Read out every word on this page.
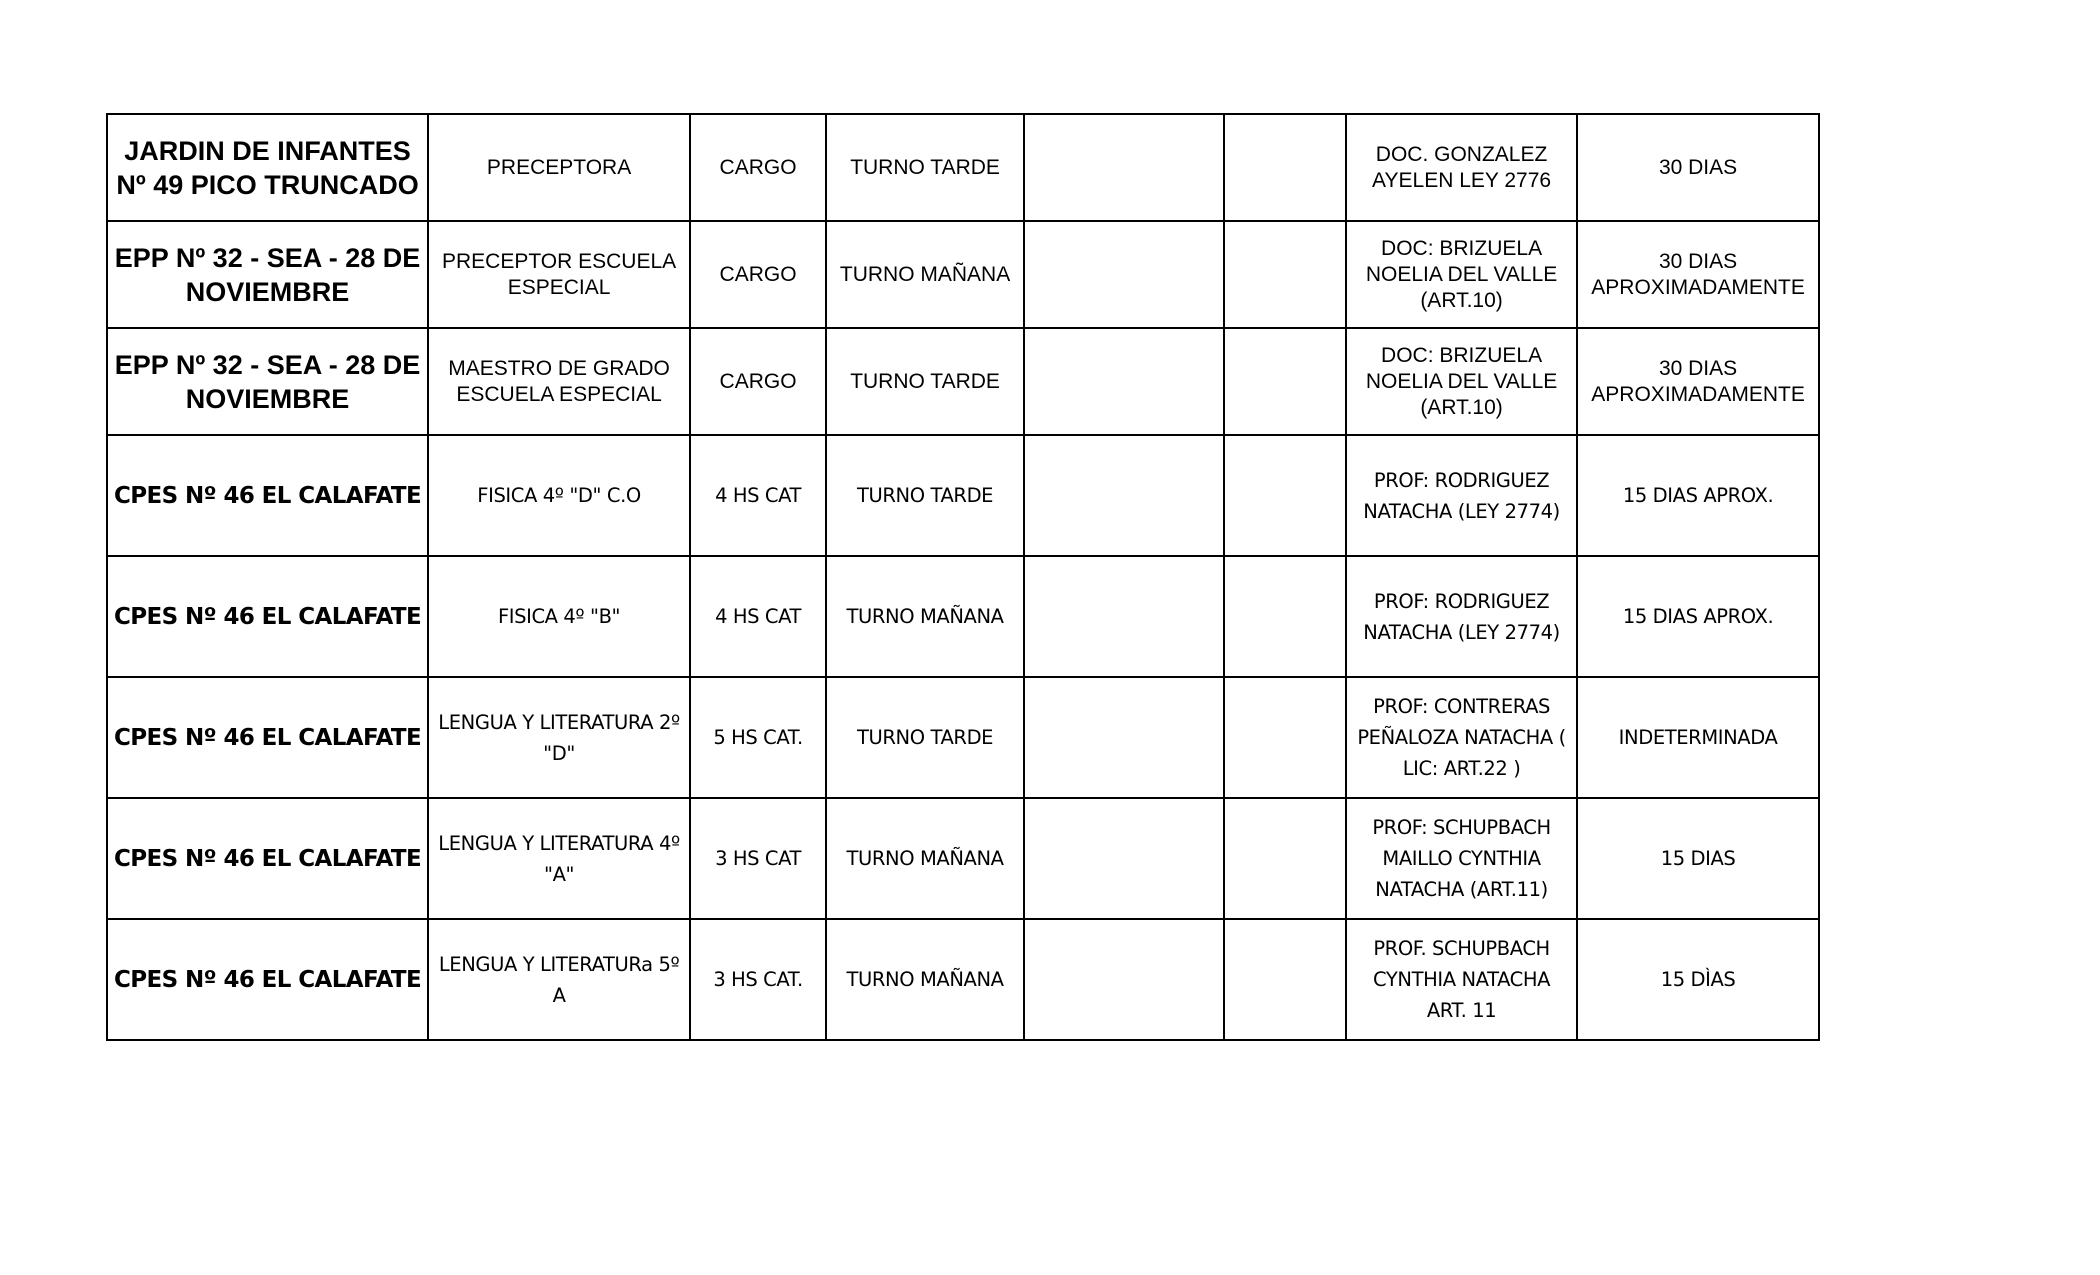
JARDIN DE INFANTES Nº 49 PICO TRUNCADO	PRECEPTORA	CARGO	TURNO TARDE			DOC. GONZALEZ AYELEN LEY 2776	30 DIAS
EPP Nº 32 - SEA - 28 DE NOVIEMBRE	PRECEPTOR ESCUELA ESPECIAL	CARGO	TURNO MAÑANA			DOC: BRIZUELA NOELIA DEL VALLE (ART.10)	30 DIAS APROXIMADAMENTE
EPP Nº 32 - SEA - 28 DE NOVIEMBRE	MAESTRO DE GRADO ESCUELA ESPECIAL	CARGO	TURNO TARDE			DOC: BRIZUELA NOELIA DEL VALLE (ART.10)	30 DIAS APROXIMADAMENTE
CPES Nº 46 EL CALAFATE	FISICA 4º "D" C.O	4 HS CAT	TURNO TARDE			PROF: RODRIGUEZ NATACHA (LEY 2774)	15 DIAS APROX.
CPES Nº 46 EL CALAFATE	FISICA 4º "B"	4 HS CAT	TURNO MAÑANA			PROF: RODRIGUEZ NATACHA (LEY 2774)	15 DIAS APROX.
CPES Nº 46 EL CALAFATE	LENGUA Y LITERATURA 2º "D"	5 HS CAT.	TURNO TARDE			PROF: CONTRERAS PEÑALOZA NATACHA ( LIC: ART.22 )	INDETERMINADA
CPES Nº 46 EL CALAFATE	LENGUA Y LITERATURA 4º "A"	3 HS CAT	TURNO MAÑANA			PROF: SCHUPBACH MAILLO CYNTHIA NATACHA (ART.11)	15 DIAS
CPES Nº 46 EL CALAFATE	LENGUA Y LITERATURa 5º A	3 HS CAT.	TURNO MAÑANA			PROF. SCHUPBACH CYNTHIA NATACHA ART. 11	15 DÌAS
